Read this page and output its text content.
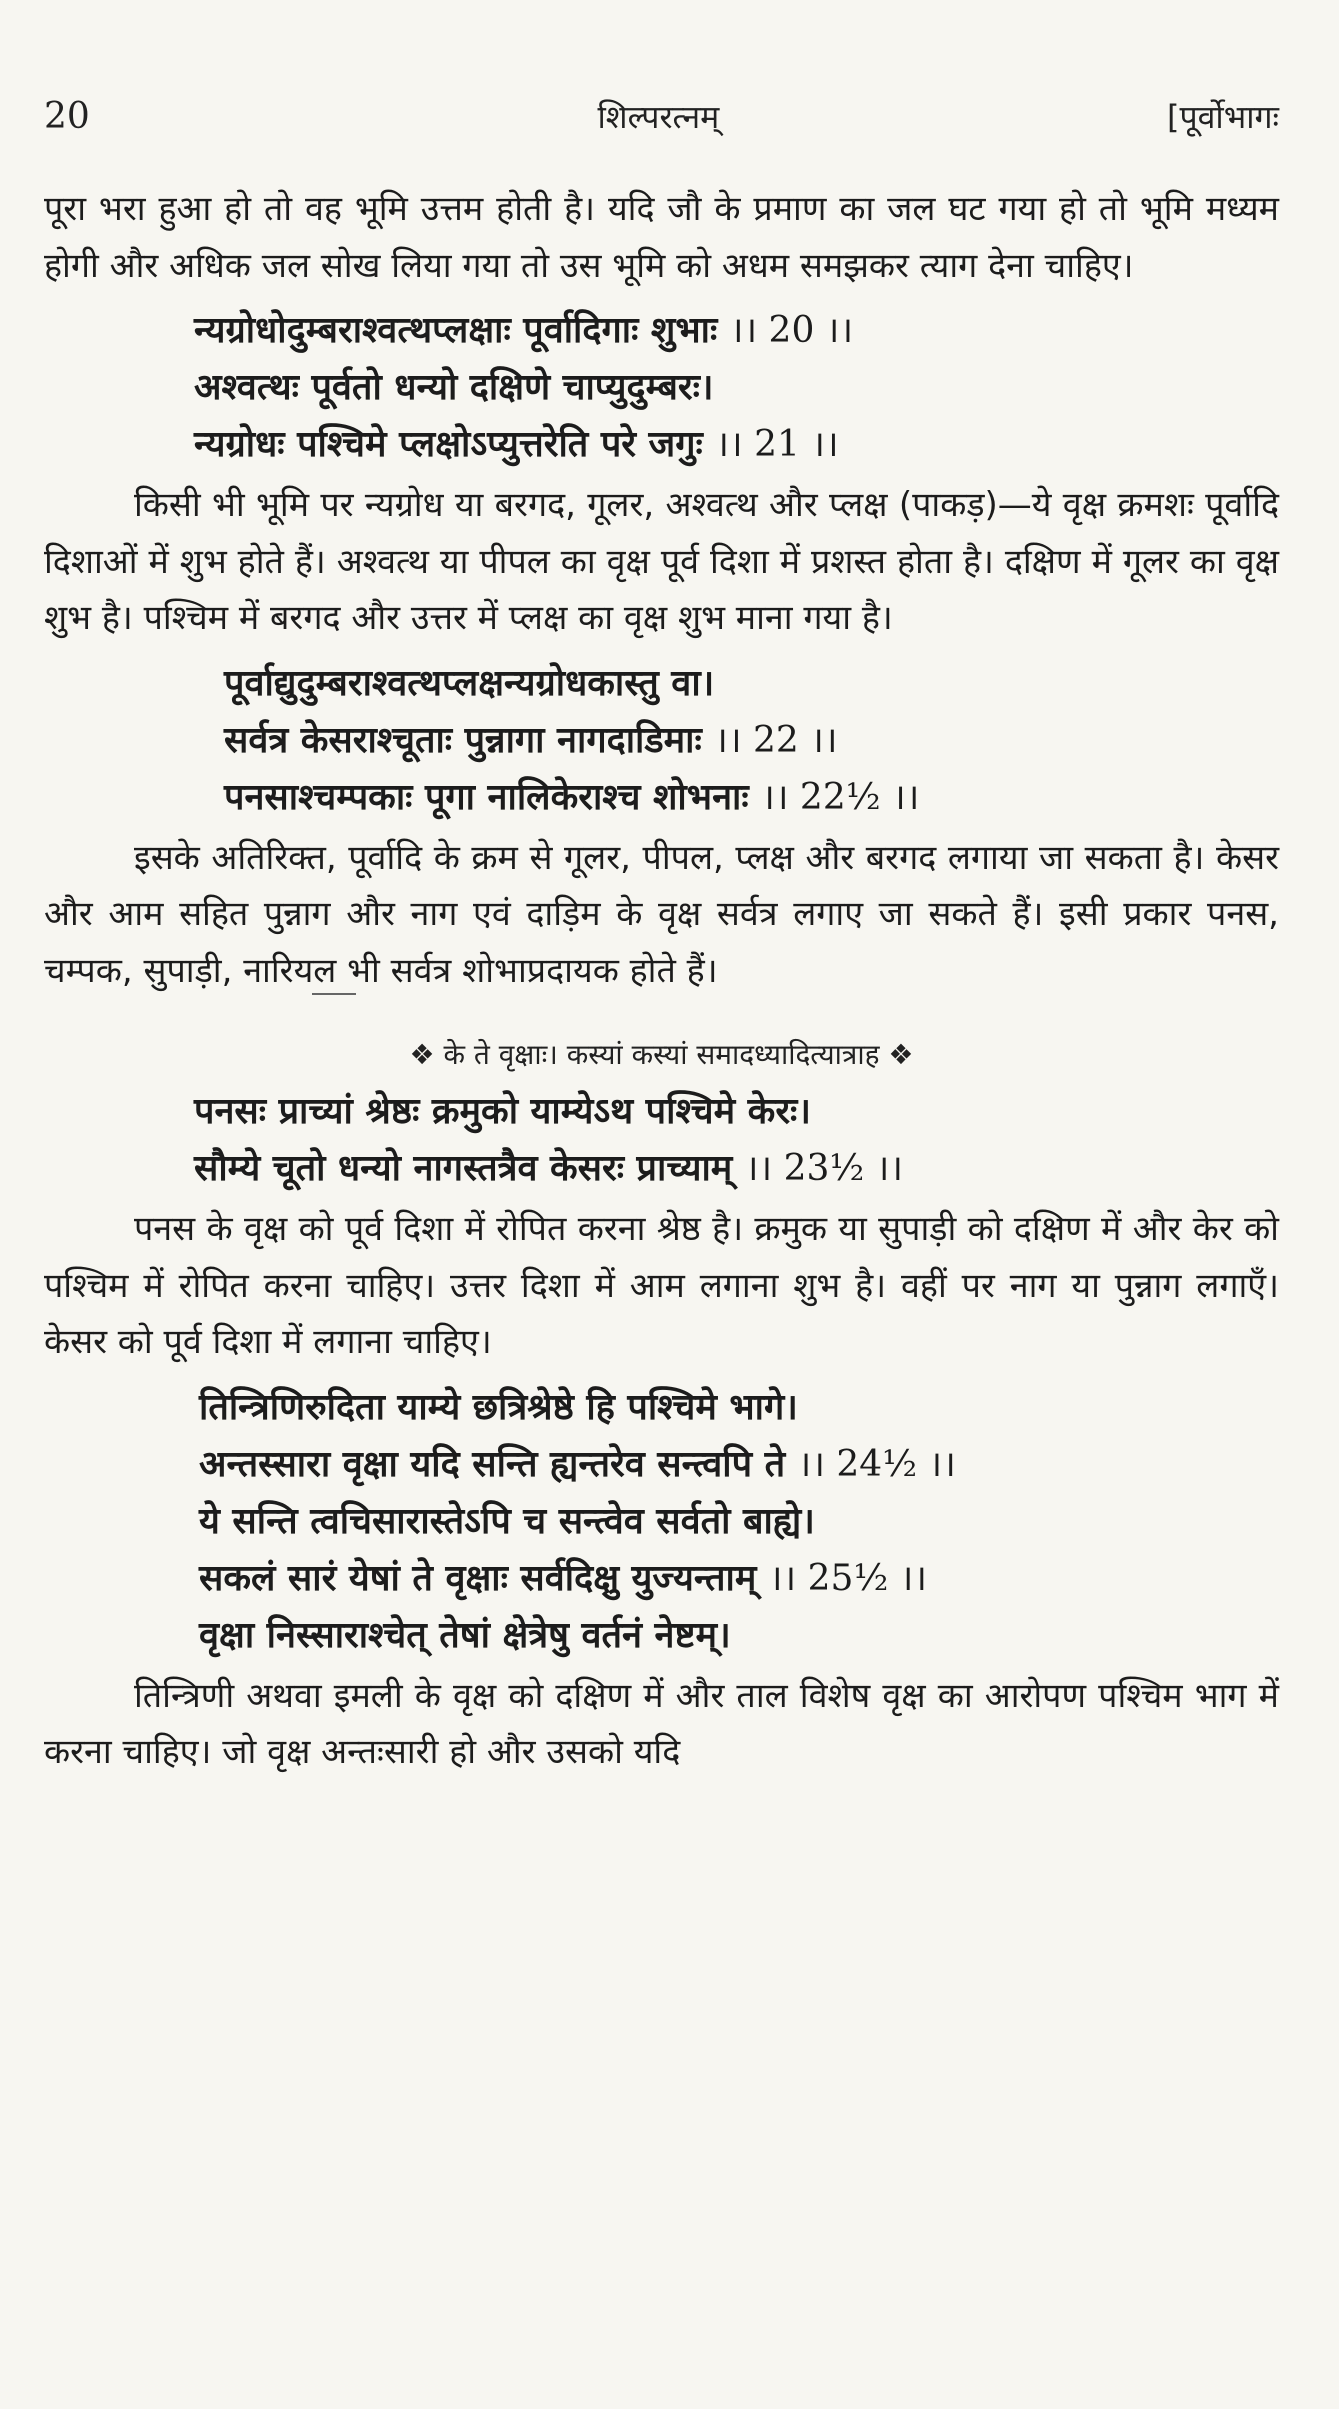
20	शिल्परत्नम्	[पूर्वोभागः

पूरा भरा हुआ हो तो वह भूमि उत्तम होती है। यदि जौ के प्रमाण का जल घट गया हो तो भूमि मध्यम होगी और अधिक जल सोख लिया गया तो उस भूमि को अधम समझकर त्याग देना चाहिए।

न्यग्रोधोदुम्बराश्वत्थप्लक्षाः पूर्वादिगाः शुभाः ।। 20 ।।
अश्वत्थः पूर्वतो धन्यो दक्षिणे चाप्युदुम्बरः।
न्यग्रोधः पश्चिमे प्लक्षोऽप्युत्तरेति परे जगुः ।। 21 ।।

किसी भी भूमि पर न्यग्रोध या बरगद, गूलर, अश्वत्थ और प्लक्ष (पाकड़)—ये वृक्ष क्रमशः पूर्वादि दिशाओं में शुभ होते हैं। अश्वत्थ या पीपल का वृक्ष पूर्व दिशा में प्रशस्त होता है। दक्षिण में गूलर का वृक्ष शुभ है। पश्चिम में बरगद और उत्तर में प्लक्ष का वृक्ष शुभ माना गया है।

पूर्वाद्युदुम्बराश्वत्थप्लक्षन्यग्रोधकास्तु वा।
सर्वत्र केसराश्चूताः पुन्नागा नागदाडिमाः ।। 22 ।।
पनसाश्चम्पकाः पूगा नालिकेराश्च शोभनाः ।। 22½ ।।

इसके अतिरिक्त, पूर्वादि के क्रम से गूलर, पीपल, प्लक्ष और बरगद लगाया जा सकता है। केसर और आम सहित पुन्नाग और नाग एवं दाड़िम के वृक्ष सर्वत्र लगाए जा सकते हैं। इसी प्रकार पनस, चम्पक, सुपाड़ी, नारियल भी सर्वत्र शोभाप्रदायक होते हैं।

❖ के ते वृक्षाः। कस्यां कस्यां समादध्यादित्यात्राह ❖
पनसः प्राच्यां श्रेष्ठः क्रमुको याम्येऽथ पश्चिमे केरः।
सौम्ये चूतो धन्यो नागस्तत्रैव केसरः प्राच्याम् ।। 23½ ।।

पनस के वृक्ष को पूर्व दिशा में रोपित करना श्रेष्ठ है। क्रमुक या सुपाड़ी को दक्षिण में और केर को पश्चिम में रोपित करना चाहिए। उत्तर दिशा में आम लगाना शुभ है। वहीं पर नाग या पुन्नाग लगाएँ। केसर को पूर्व दिशा में लगाना चाहिए।

तिन्त्रिणिरुदिता याम्ये छत्रिश्रेष्ठे हि पश्चिमे भागे।
अन्तस्सारा वृक्षा यदि सन्ति ह्यन्तरेव सन्त्वपि ते ।। 24½ ।।
ये सन्ति त्वचिसारास्तेऽपि च सन्त्वेव सर्वतो बाह्ये।
सकलं सारं येषां ते वृक्षाः सर्वदिक्षु युज्यन्ताम् ।। 25½ ।।
वृक्षा निस्साराश्चेत् तेषां क्षेत्रेषु वर्तनं नेष्टम्।

तिन्त्रिणी अथवा इमली के वृक्ष को दक्षिण में और ताल विशेष वृक्ष का आरोपण पश्चिम भाग में करना चाहिए। जो वृक्ष अन्तःसारी हो और उसको यदि
